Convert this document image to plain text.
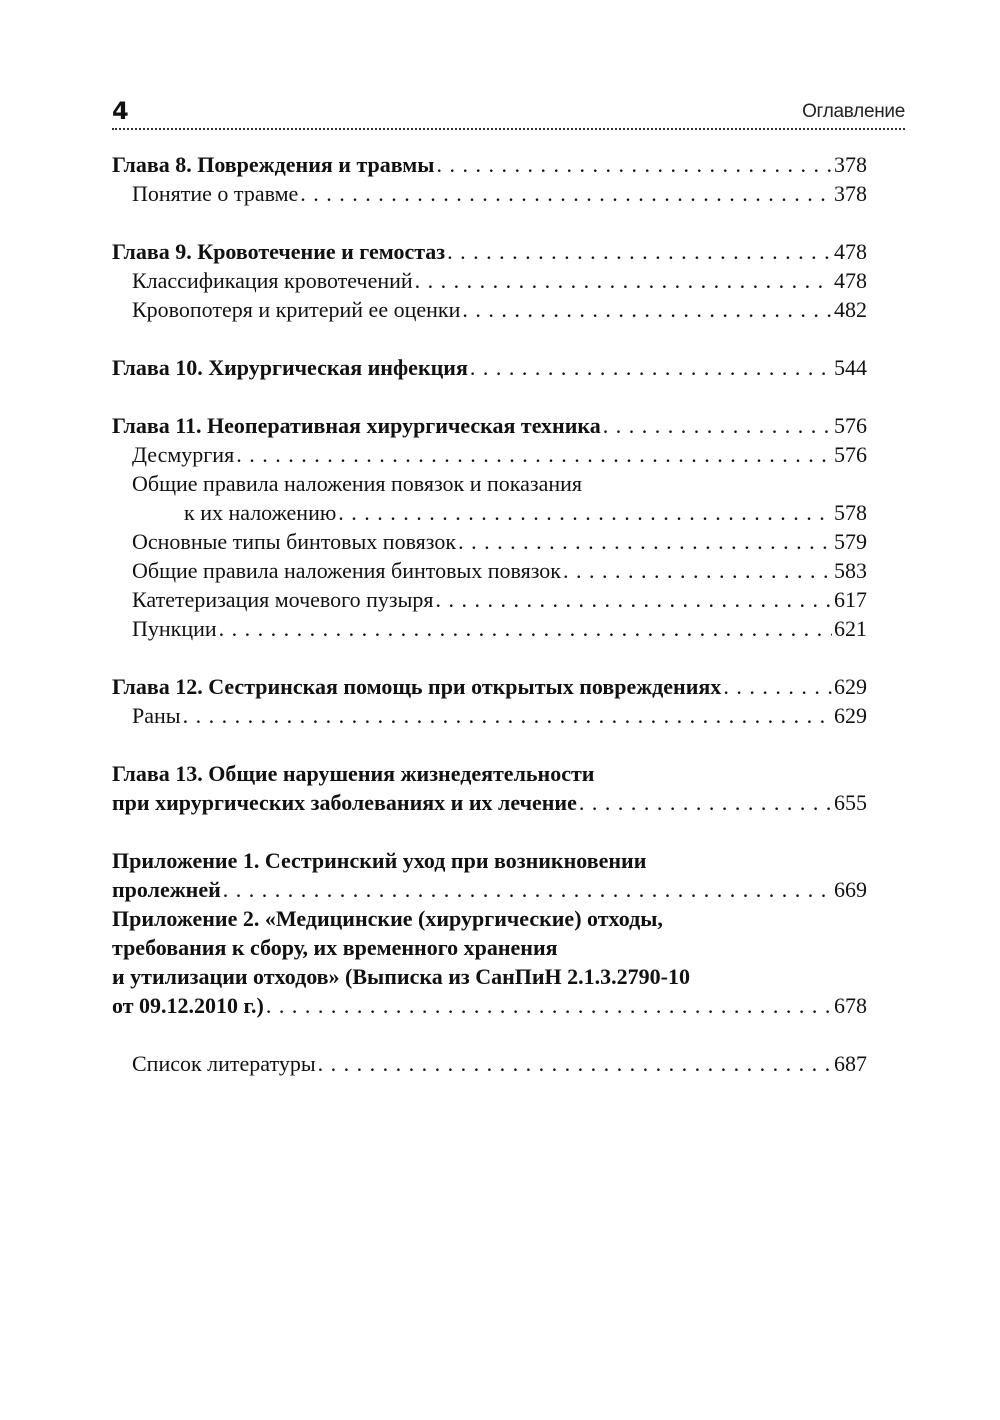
4	Оглавление
Глава 8. Повреждения и травмы . . .	378
Понятие о травме . . .	378
Глава 9. Кровотечение и гемостаз . . .	478
Классификация кровотечений . . .	478
Кровопотеря и критерий ее оценки . . .	482
Глава 10. Хирургическая инфекция . . .	544
Глава 11. Неоперативная хирургическая техника . . .	576
Десмургия . . .	576
Общие правила наложения повязок и показания
к их наложению . . .	578
Основные типы бинтовых повязок . . .	579
Общие правила наложения бинтовых повязок . . .	583
Катетеризация мочевого пузыря . . .	617
Пункции . . .	621
Глава 12. Сестринская помощь при открытых повреждениях . . .	629
Раны . . .	629
Глава 13. Общие нарушения жизнедеятельности
при хирургических заболеваниях и их лечение . . .	655
Приложение 1. Сестринский уход при возникновении
пролежней . . .	669
Приложение 2. «Медицинские (хирургические) отходы,
требования к сбору, их временного хранения
и утилизации отходов» (Выписка из СанПиН 2.1.3.2790-10
от 09.12.2010 г.) . . .	678
Список литературы . . .	687
